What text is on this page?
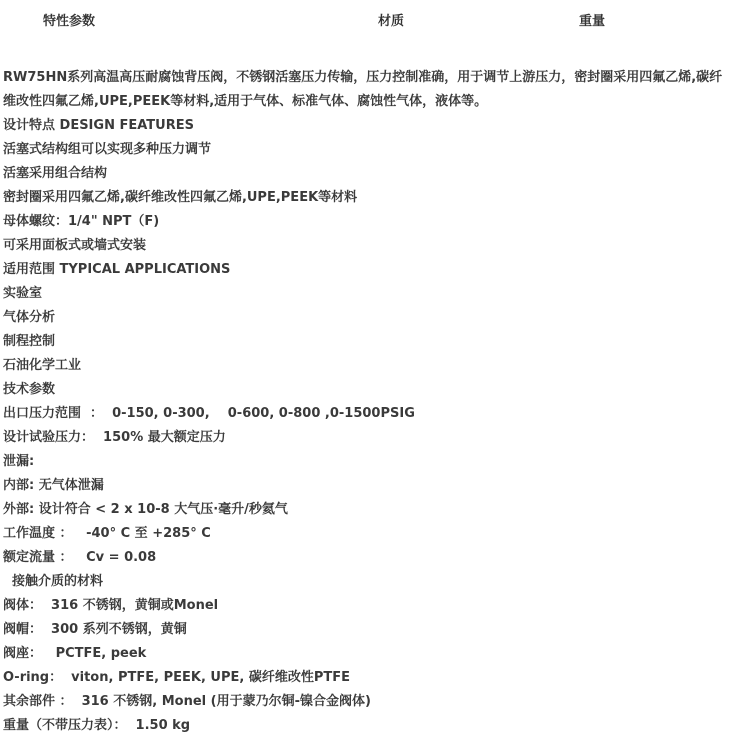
特性参数	材质	重量

RW75HN系列高温高压耐腐蚀背压阀，不锈钢活塞压力传输，压力控制准确，用于调节上游压力，密封圈采用四氟乙烯,碳纤维改性四氟乙烯,UPE,PEEK等材料,适用于气体、标准气体、腐蚀性气体，液体等。

设计特点 DESIGN FEATURES
活塞式结构组可以实现多种压力调节
活塞采用组合结构
密封圈采用四氟乙烯,碳纤维改性四氟乙烯,UPE,PEEK等材料
母体螺纹：1/4" NPT（F)
可采用面板式或墙式安装
适用范围 TYPICAL APPLICATIONS
实验室
气体分析
制程控制
石油化学工业
技术参数
出口压力范围  ：  0-150, 0-300,    0-600, 0-800 ,0-1500PSIG
设计试验压力：  150% 最大额定压力
泄漏:
内部: 无气体泄漏
外部: 设计符合 < 2 x 10-8 大气压·毫升/秒氦气
工作温度 ：   -40° C 至 +285° C
额定流量 ：   Cv = 0.08
接触介质的材料
阀体：  316 不锈钢，黄铜或Monel
阀帽：  300 系列不锈钢，黄铜
阀座：   PCTFE, peek
O-ring：  viton, PTFE, PEEK, UPE, 碳纤维改性PTFE
其余部件 ：  316 不锈钢, Monel (用于蒙乃尔铜-镍合金阀体)
重量（不带压力表）：  1.50 kg
